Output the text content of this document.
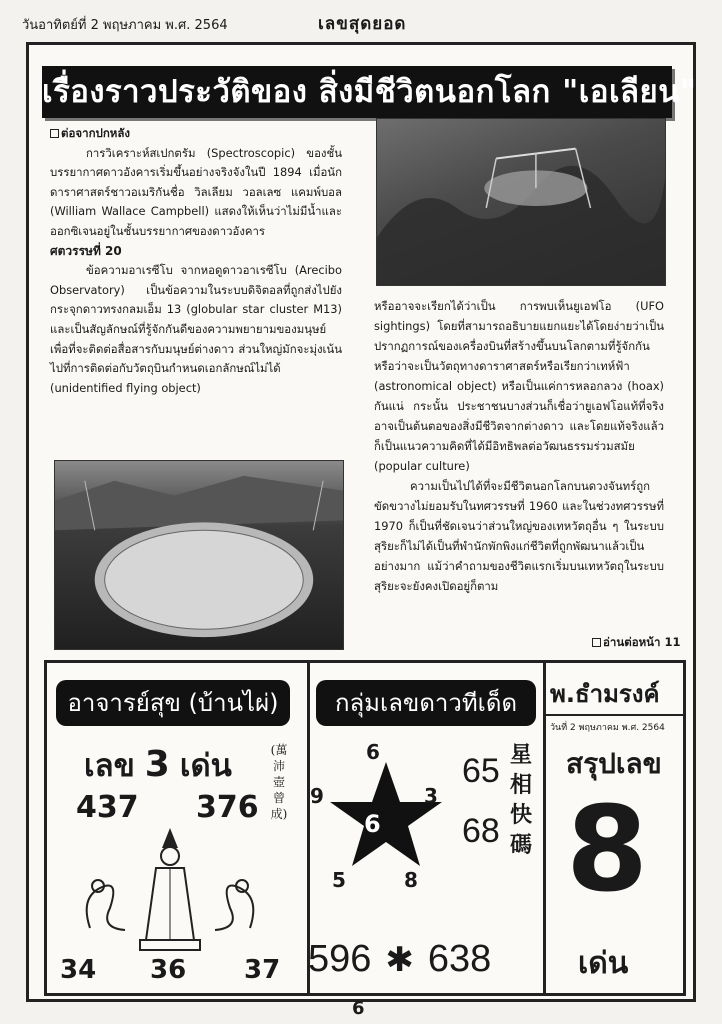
วันอาทิตย์ที่ 2 พฤษภาคม พ.ศ. 2564	เลขสุดยอด
เรื่องราวประวัติของ สิ่งมีชีวิตนอกโลก "เอเลียน"
ต่อจากปกหลัง

การวิเคราะห์สเปกตรัม (Spectroscopic) ของชั้นบรรยากาศดาวอังคารเริ่มขึ้นอย่างจริงจังในปี 1894 เมื่อนักดาราศาสตร์ชาวอเมริกันชื่อ วิลเลียม วอลเลซ แคมพ์บอล (William Wallace Campbell) แสดงให้เห็นว่าไม่มีน้ำและออกซิเจนอยู่ในชั้นบรรยากาศของดาวอังคาร

ศตวรรษที่ 20

ข้อความอาเรซีโบ จากหอดูดาวอาเรซีโบ (Arecibo Observatory) เป็นข้อความในระบบดิจิตอลที่ถูกส่งไปยังกระจุกดาวทรงกลมเอ็ม 13 (globular star cluster M13) และเป็นสัญลักษณ์ที่รู้จักกันดีของความพยายามของมนุษย์เพื่อที่จะติดต่อสื่อสารกับมนุษย์ต่างดาว ส่วนใหญ่มักจะมุ่งเน้นไปที่การติดต่อกับวัตถุบินกำหนดเอกลักษณ์ไม่ได้ (unidentified flying object)

หรืออาจจะเรียกได้ว่าเป็น การพบเห็นยูเอฟโอ (UFO sightings) โดยที่สามารถอธิบายแยกแยะได้โดยง่ายว่าเป็นปรากฏการณ์ของเครื่องบินที่สร้างขึ้นบนโลกตามที่รู้จักกันหรือว่าจะเป็นวัตถุทางดาราศาสตร์หรือเรียกว่าเทห์ฟ้า (astronomical object) หรือเป็นแค่การหลอกลวง (hoax) กันแน่ กระนั้น ประชาชนบางส่วนก็เชื่อว่ายูเอฟโอแท้ที่จริงอาจเป็นต้นตอของสิ่งมีชีวิตจากต่างดาว และโดยแท้จริงแล้ว ก็เป็นแนวความคิดที่ได้มีอิทธิพลต่อวัฒนธรรมร่วมสมัย (popular culture)

ความเป็นไปได้ที่จะมีชีวิตนอกโลกบนดวงจันทร์ถูกขัดขวางไม่ยอมรับในทศวรรษที่ 1960 และในช่วงทศวรรษที่ 1970 ก็เป็นที่ชัดเจนว่าส่วนใหญ่ของเทหวัตถุอื่น ๆ ในระบบสุริยะก็ไม่ได้เป็นที่พำนักพักพิงแก่ชีวิตที่ถูกพัฒนาแล้วเป็นอย่างมาก แม้ว่าคำถามของชีวิตแรกเริ่มบนเทหวัตถุในระบบสุริยะจะยังคงเปิดอยู่ก็ตาม

อ่านต่อหน้า 11
อาจารย์สุข (บ้านไผ่)
เลข 3 เด่น	(萬沛壺曾成)
437 376
34 36 37
กลุ่มเลขดาวทีเด็ด
6
9	3
6
5	8
65
68
星相快碼
596 ✱ 638
พ.ธำมรงค์
วันที่ 2 พฤษภาคม พ.ศ. 2564
สรุปเลข
8
เด่น
6
